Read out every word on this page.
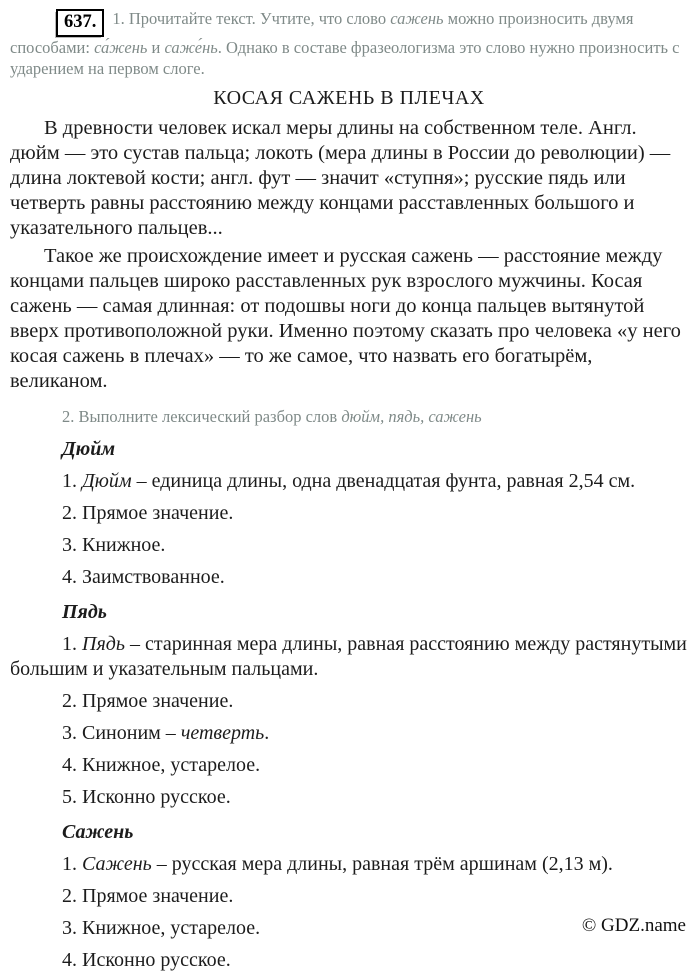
637. 1. Прочитайте текст. Учтите, что слово сажень можно произносить двумя способами: са́жень и саже́нь. Однако в составе фразеологизма это слово нужно произносить с ударением на первом слоге.

КОСАЯ САЖЕНЬ В ПЛЕЧАХ

В древности человек искал меры длины на собственном теле. Англ. дюйм — это сустав пальца; локоть (мера длины в России до революции) — длина локтевой кости; англ. фут — значит «ступня»; русские пядь или четверть равны расстоянию между концами расставленных большого и указательного пальцев...

Такое же происхождение имеет и русская сажень — расстояние между концами пальцев широко расставленных рук взрослого мужчины. Косая сажень — самая длинная: от подошвы ноги до конца пальцев вытянутой вверх противоположной руки. Именно поэтому сказать про человека «у него косая сажень в плечах» — то же самое, что назвать его богатырём, великаном.

2. Выполните лексический разбор слов дюйм, пядь, сажень

Дюйм

1. Дюйм – единица длины, одна двенадцатая фунта, равная 2,54 см.

2. Прямое значение.

3. Книжное.

4. Заимствованное.

Пядь

1. Пядь – старинная мера длины, равная расстоянию между растянутыми большим и указательным пальцами.

2. Прямое значение.

3. Синоним – четверть.

4. Книжное, устарелое.

5. Исконно русское.

Сажень

1. Сажень – русская мера длины, равная трём аршинам (2,13 м).

2. Прямое значение.

3. Книжное, устарелое.

4. Исконно русское.

© GDZ.name
